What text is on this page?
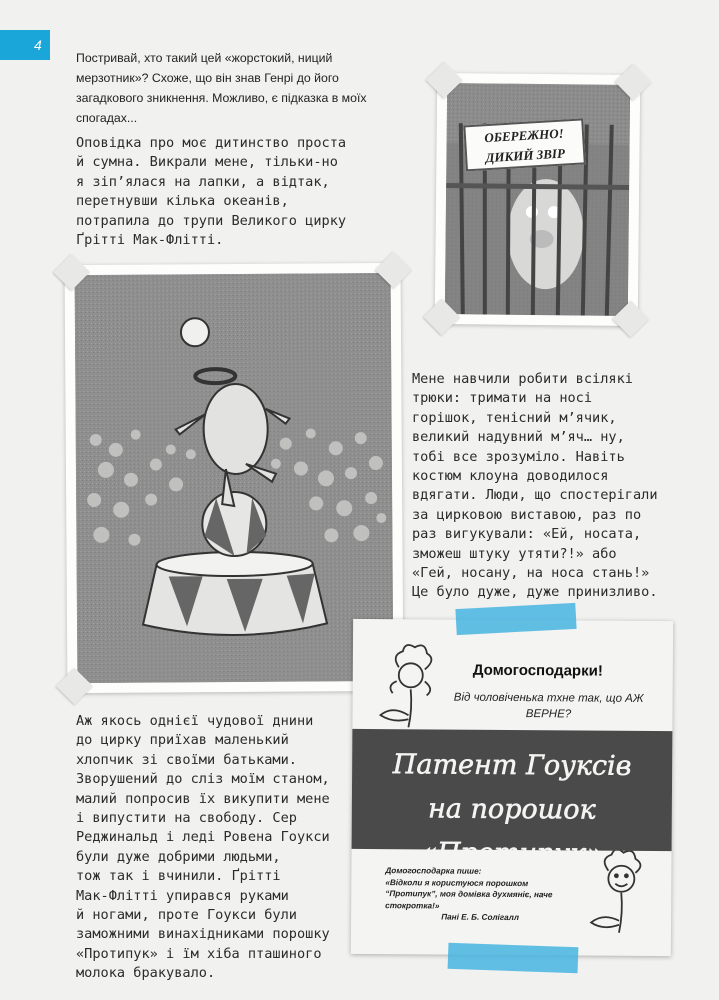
4
Постривай, хто такий цей «жорстокий, ниций мерзотник»? Схоже, що він знав Генрі до його загадкового зникнення. Можливо, є підказка в моїх спогадах...
Оповідка про моє дитинство проста
й сумна. Викрали мене, тільки-но
я зіп’ялася на лапки, а відтак,
перетнувши кілька океанів,
потрапила до трупи Великого цирку
Ґрітті Мак-Флітті.
ОБЕРЕЖНО!
ДИКИЙ ЗВІР
Мене навчили робити всілякі
трюки: тримати на носі
горішок, тенісний м’ячик,
великий надувний м’яч… ну,
тобі все зрозуміло. Навіть
костюм клоуна доводилося
вдягати. Люди, що спостерігали
за цирковою виставою, раз по
раз вигукували: «Ей, носата,
зможеш штуку утяти?!» або
«Гей, носану, на носа стань!»
Це було дуже, дуже принизливо.
Аж якось однієї чудової днини
до цирку приїхав маленький
хлопчик зі своїми батьками.
Зворушений до сліз моїм станом,
малий попросив їх викупити мене
і випустити на свободу. Сер
Реджинальд і леді Ровена Гоукси
були дуже добрими людьми,
тож так і вчинили. Ґрітті
Мак-Флітті упирався руками
й ногами, проте Гоукси були
заможними винахідниками порошку
«Протипук» і їм хіба пташиного
молока бракувало.
Домогосподарки!
Від чоловіченька тхне так, що АЖ ВЕРНЕ?
Патент Гоуксів
на порошок «Протипук»
Домогосподарка пише:
«Відколи я користуюся порошком “Протипук”, моя домівка духмяніє, наче стокротка!»
Пані Е. Б. Солігалл
